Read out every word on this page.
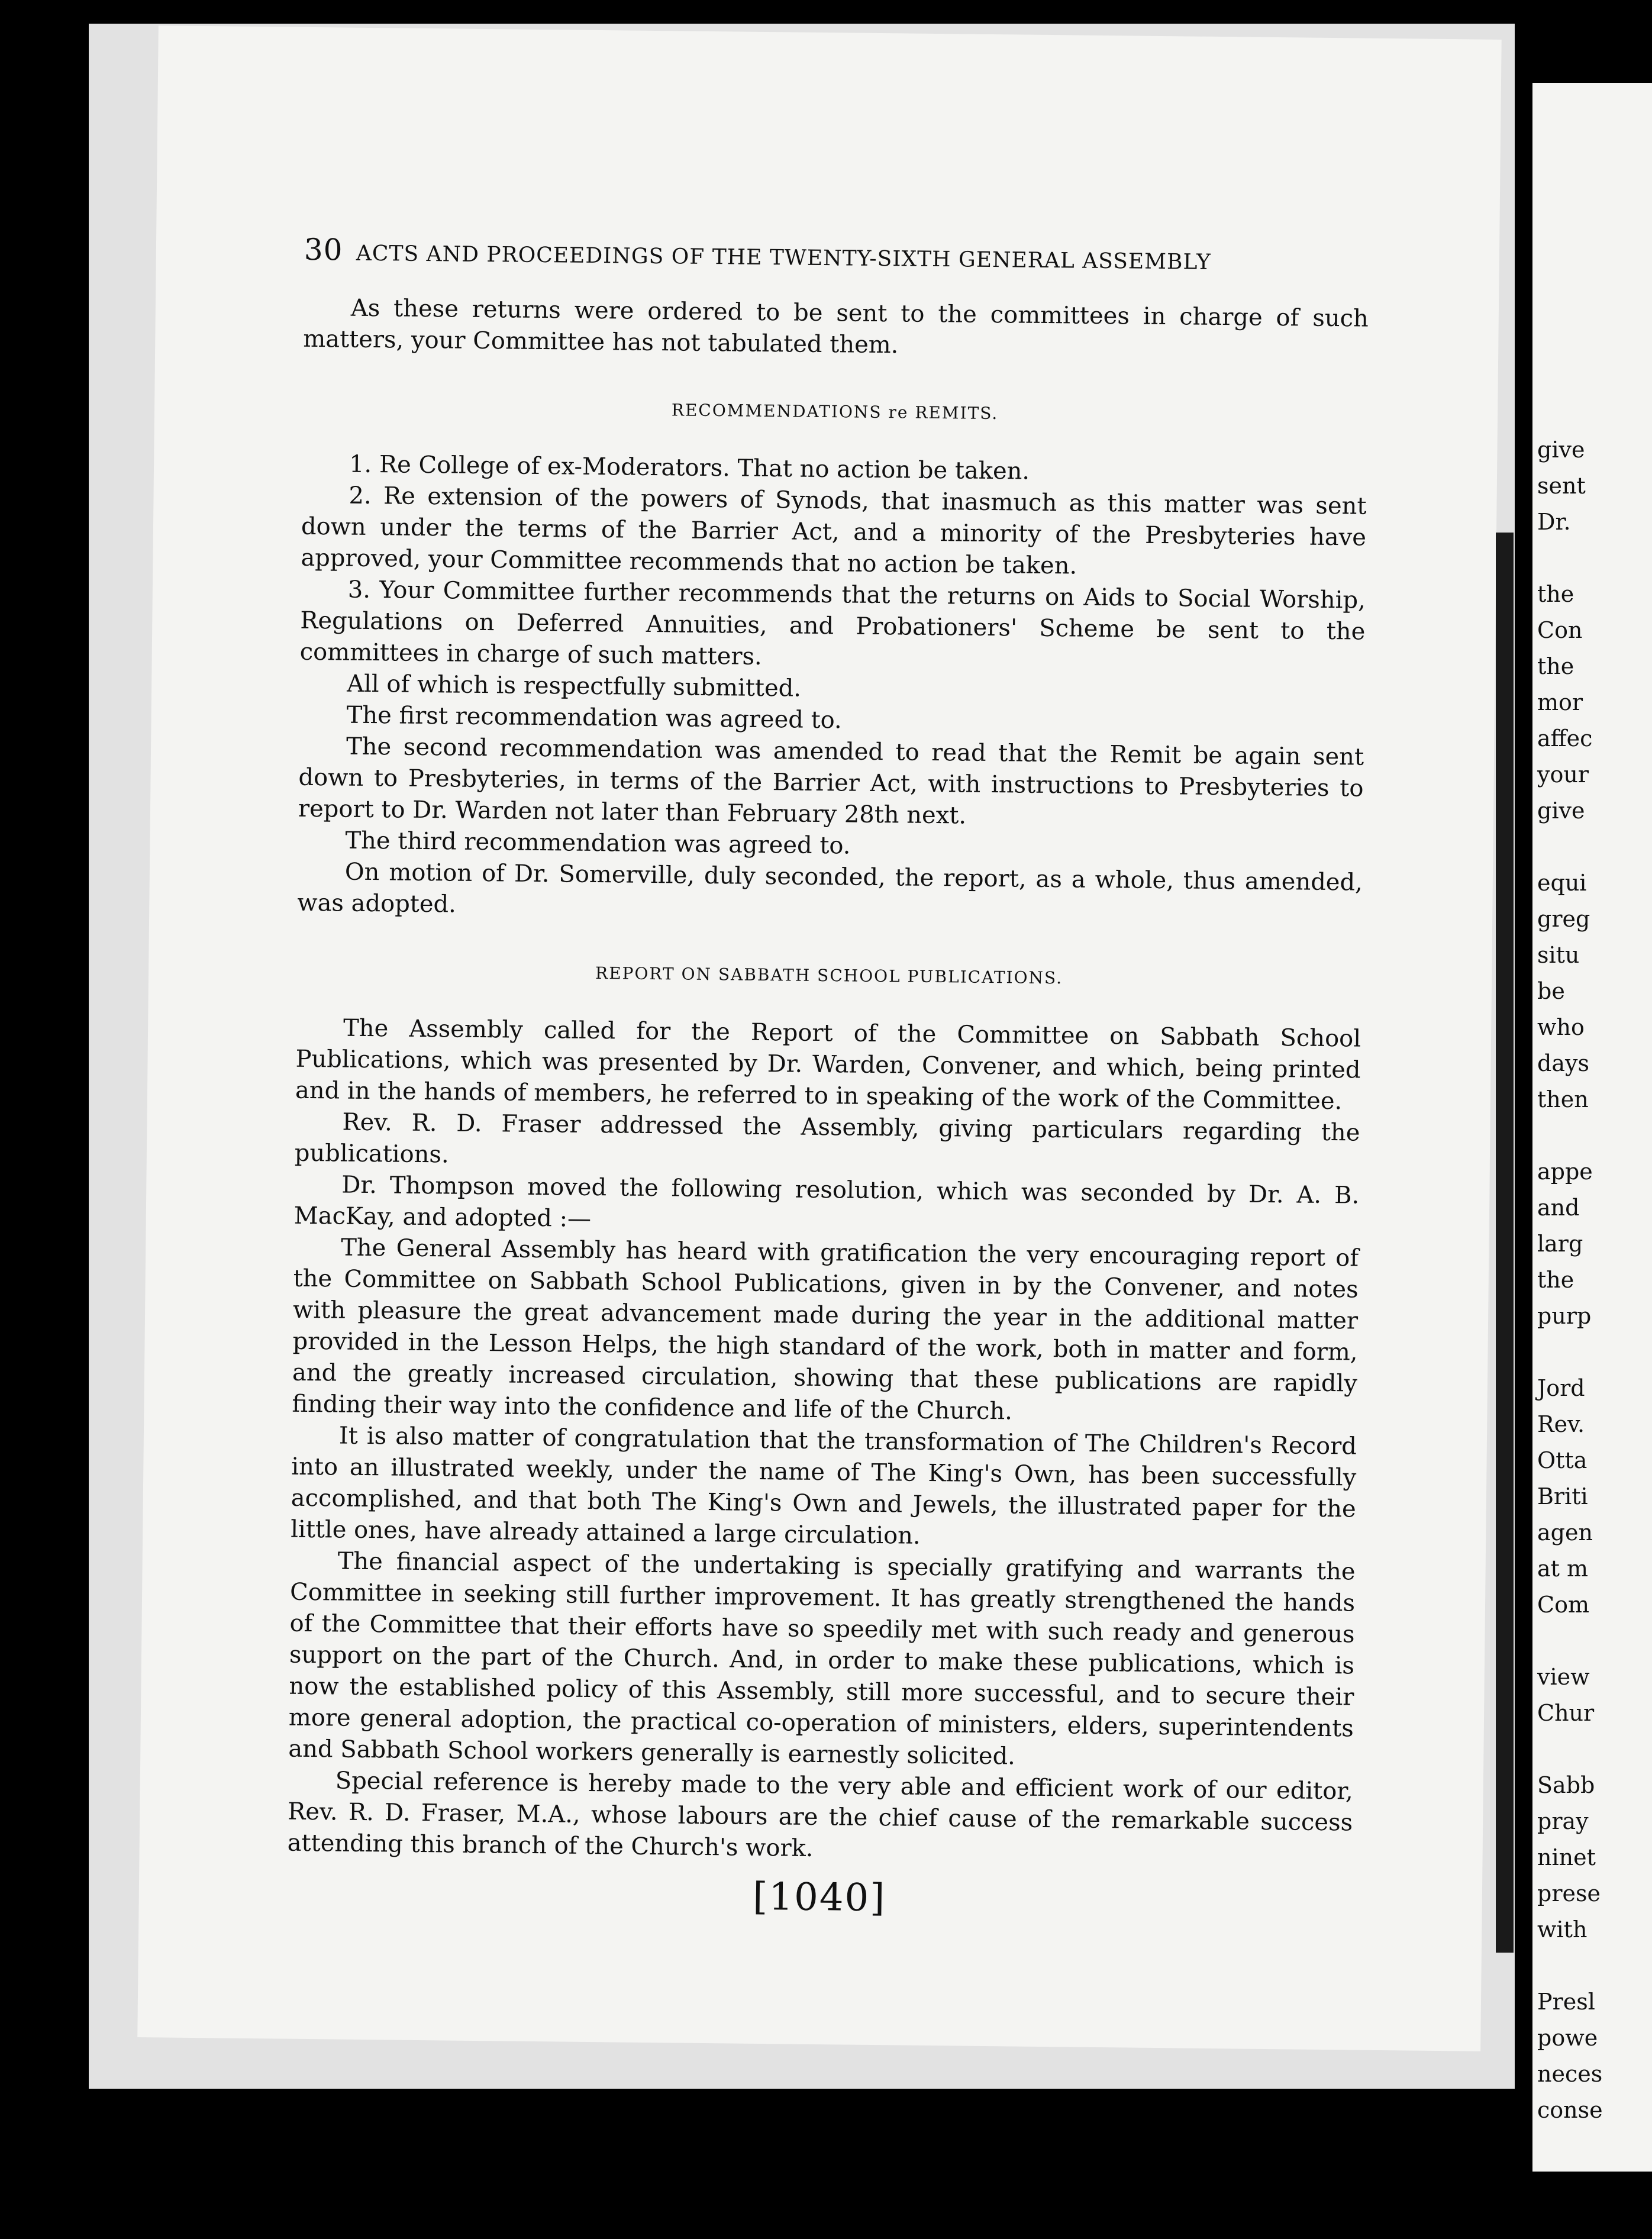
30 ACTS AND PROCEEDINGS OF THE TWENTY-SIXTH GENERAL ASSEMBLY

As these returns were ordered to be sent to the committees in charge of such matters, your Committee has not tabulated them.

RECOMMENDATIONS re REMITS.

1. Re College of ex-Moderators. That no action be taken.

2. Re extension of the powers of Synods, that inasmuch as this matter was sent down under the terms of the Barrier Act, and a minority of the Presbyteries have approved, your Committee recommends that no action be taken.

3. Your Committee further recommends that the returns on Aids to Social Worship, Regulations on Deferred Annuities, and Probationers' Scheme be sent to the committees in charge of such matters.

All of which is respectfully submitted.

The first recommendation was agreed to.

The second recommendation was amended to read that the Remit be again sent down to Presbyteries, in terms of the Barrier Act, with instructions to Presbyteries to report to Dr. Warden not later than February 28th next.

The third recommendation was agreed to.

On motion of Dr. Somerville, duly seconded, the report, as a whole, thus amended, was adopted.

REPORT ON SABBATH SCHOOL PUBLICATIONS.

The Assembly called for the Report of the Committee on Sabbath School Publications, which was presented by Dr. Warden, Convener, and which, being printed and in the hands of members, he referred to in speaking of the work of the Committee.

Rev. R. D. Fraser addressed the Assembly, giving particulars regarding the publications.

Dr. Thompson moved the following resolution, which was seconded by Dr. A. B. MacKay, and adopted :—

The General Assembly has heard with gratification the very encouraging report of the Committee on Sabbath School Publications, given in by the Convener, and notes with pleasure the great advancement made during the year in the additional matter provided in the Lesson Helps, the high standard of the work, both in matter and form, and the greatly increased circulation, showing that these publications are rapidly finding their way into the confidence and life of the Church.

It is also matter of congratulation that the transformation of The Children's Record into an illustrated weekly, under the name of The King's Own, has been successfully accomplished, and that both The King's Own and Jewels, the illustrated paper for the little ones, have already attained a large circulation.

The financial aspect of the undertaking is specially gratifying and warrants the Committee in seeking still further improvement. It has greatly strengthened the hands of the Committee that their efforts have so speedily met with such ready and generous support on the part of the Church. And, in order to make these publications, which is now the established policy of this Assembly, still more successful, and to secure their more general adoption, the practical co-operation of ministers, elders, superintendents and Sabbath School workers generally is earnestly solicited.

Special reference is hereby made to the very able and efficient work of our editor, Rev. R. D. Fraser, M.A., whose labours are the chief cause of the remarkable success attending this branch of the Church's work.

[1040]
give
sent
Dr.

the
Con
the
mor
affec
your
give

equi
greg
situ
be
who
days
then

appe
and
larg
the
purp

Jord
Rev.
Otta
Briti
agen
at m
Com

view
Chur

Sabb
pray
ninet
prese
with

Presl
powe
neces
conse
